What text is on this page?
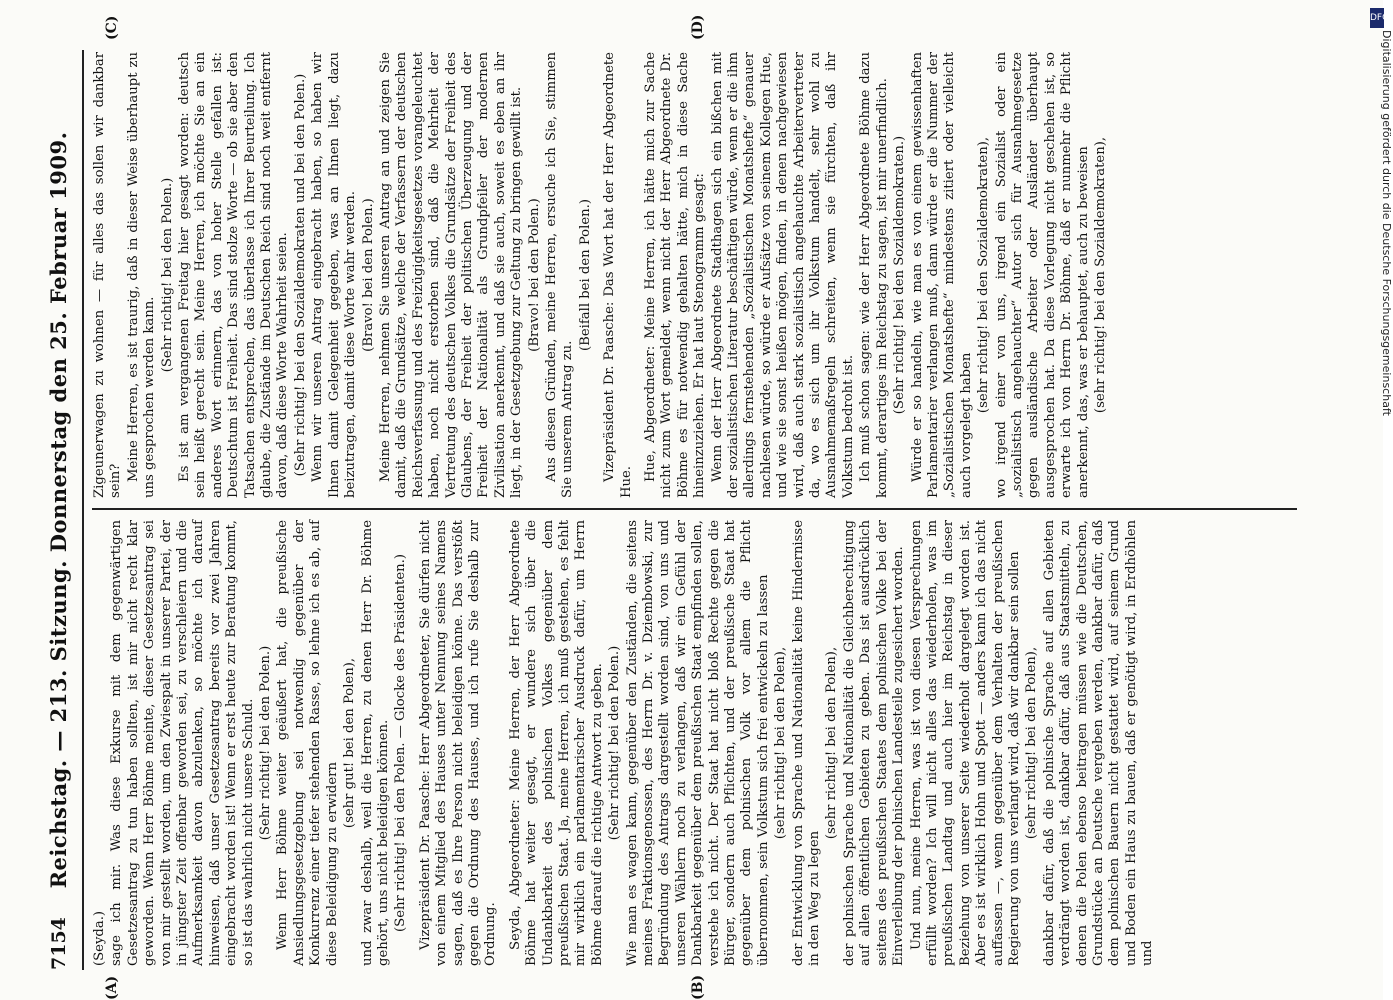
7154
Reichstag. — 213. Sitzung. Donnerstag den 25. Februar 1909.
(A)	(B)
(C)	(D)

(Seyda.) sage ich mir. Was diese Exkurse mit dem gegenwärtigen Gesetzesantrag zu tun haben sollten, ist mir nicht recht klar geworden. Wenn Herr Böhme meinte, dieser Gesetzesantrag sei von mir gestellt worden, um den Zwiespalt in unserer Partei, der in jüngster Zeit offenbar geworden sei, zu verschleiern und die Aufmerksamkeit davon abzulenken, so möchte ich darauf hinweisen, daß unser Gesetzesantrag bereits vor zwei Jahren eingebracht worden ist! Wenn er erst heute zur Beratung kommt, so ist das wahrlich nicht unsere Schuld. (Sehr richtig! bei den Polen.) Wenn Herr Böhme weiter geäußert hat, die preußische Ansiedlungsgesetzgebung sei notwendig gegenüber der Konkurrenz einer tiefer stehenden Rasse, so lehne ich es ab, auf diese Beleidigung zu erwidern

(sehr gut! bei den Polen), und zwar deshalb, weil die Herren, zu denen Herr Dr. Böhme gehört, uns nicht beleidigen können. (Sehr richtig! bei den Polen. — Glocke des Präsidenten.) Vizepräsident Dr. Paasche: Herr Abgeordneter, Sie dürfen nicht von einem Mitglied des Hauses unter Nennung seines Namens sagen, daß es Ihre Person nicht beleidigen könne. Das verstößt gegen die Ordnung des Hauses, und ich rufe Sie deshalb zur Ordnung. Seyda, Abgeordneter: Meine Herren, der Herr Abgeordnete Böhme hat weiter gesagt, er wundere sich über die Undankbarkeit des polnischen Volkes gegenüber dem preußischen Staat. Ja, meine Herren, ich muß gestehen, es fehlt mir wirklich ein parlamentarischer Ausdruck dafür, um Herrn Böhme darauf die richtige Antwort zu geben. (Sehr richtig! bei den Polen.) Wie man es wagen kann, gegenüber den Zuständen, die seitens meines Fraktionsgenossen, des Herrn Dr. v. Dziembowski, zur Begründung des Antrags dargestellt worden sind, von uns und unseren Wählern noch zu verlangen, daß wir ein Gefühl der Dankbarkeit gegenüber dem preußischen Staat empfinden sollen, verstehe ich nicht. Der Staat hat nicht bloß Rechte gegen die Bürger, sondern auch Pflichten, und der preußische Staat hat gegenüber dem polnischen Volk vor allem die Pflicht übernommen, sein Volkstum sich frei entwickeln zu lassen (sehr richtig! bei den Polen), der Entwicklung von Sprache und Nationalität keine Hindernisse in den Weg zu legen

(sehr richtig! bei den Polen), der polnischen Sprache und Nationalität die Gleichberechtigung auf allen öffentlichen Gebieten zu geben. Das ist ausdrücklich seitens des preußischen Staates dem polnischen Volke bei der Einverleibung der polnischen Landesteile zugesichert worden. Und nun, meine Herren, was ist von diesen Versprechungen erfüllt worden? Ich will nicht alles das wiederholen, was im preußischen Landtag und auch hier im Reichstag in dieser Beziehung von unserer Seite wiederholt dargelegt worden ist. Aber es ist wirklich Hohn und Spott — anders kann ich das nicht auffassen —, wenn gegenüber dem Verhalten der preußischen Regierung von uns verlangt wird, daß wir dankbar sein sollen (sehr richtig! bei den Polen), dankbar dafür, daß die polnische Sprache auf allen Gebieten verdrängt worden ist, dankbar dafür, daß aus Staatsmitteln, zu denen die Polen ebenso beitragen müssen wie die Deutschen, Grundstücke an Deutsche vergeben werden, dankbar dafür, daß dem polnischen Bauern nicht gestattet wird, auf seinem Grund und Boden ein Haus zu bauen, daß er genötigt wird, in Erdhöhlen und

Zigeunerwagen zu wohnen — für alles das sollen wir dankbar sein? Meine Herren, es ist traurig, daß in dieser Weise überhaupt zu uns gesprochen werden kann.

(Sehr richtig! bei den Polen.) Es ist am vergangenen Freitag hier gesagt worden: deutsch sein heißt gerecht sein. Meine Herren, ich möchte Sie an ein anderes Wort erinnern, das von hoher Stelle gefallen ist: Deutschtum ist Freiheit. Das sind stolze Worte — ob sie aber den Tatsachen entsprechen, das überlasse ich Ihrer Beurteilung. Ich glaube, die Zustände im Deutschen Reich sind noch weit entfernt davon, daß diese Worte Wahrheit seien. (Sehr richtig! bei den Sozialdemokraten und bei den Polen.) Wenn wir unseren Antrag eingebracht haben, so haben wir Ihnen damit Gelegenheit gegeben, was an Ihnen liegt, dazu beizutragen, damit diese Worte wahr werden. (Bravo! bei den Polen.) Meine Herren, nehmen Sie unseren Antrag an und zeigen Sie damit, daß die Grundsätze, welche der Verfassern der deutschen Reichsverfassung und des Freizügigkeitsgesetzes vorangeleuchtet haben, noch nicht erstorben sind, daß die Mehrheit der Vertretung des deutschen Volkes die Grundsätze der Freiheit des Glaubens, der Freiheit der politischen Überzeugung und der Freiheit der Nationalität als Grundpfeiler der modernen Zivilisation anerkennt, und daß sie auch, soweit es eben an ihr liegt, in der Gesetzgebung zur Geltung zu bringen gewillt ist. (Bravo! bei den Polen.) Aus diesen Gründen, meine Herren, ersuche ich Sie, stimmen Sie unserem Antrag zu.

(Beifall bei den Polen.) Vizepräsident Dr. Paasche: Das Wort hat der Herr Abgeordnete Hue. Hue, Abgeordneter: Meine Herren, ich hätte mich zur Sache nicht zum Wort gemeldet, wenn nicht der Herr Abgeordnete Dr. Böhme es für notwendig gehalten hätte, mich in diese Sache hineinzuziehen. Er hat laut Stenogramm gesagt: Wenn der Herr Abgeordnete Stadthagen sich ein bißchen mit der sozialistischen Literatur beschäftigen würde, wenn er die ihm allerdings fernstehenden „Sozialistischen Monatshefte“ genauer nachlesen würde, so würde er Aufsätze von seinem Kollegen Hue, und wie sie sonst heißen mögen, finden, in denen nachgewiesen wird, daß auch stark sozialistisch angehauchte Arbeitervertreter da, wo es sich um ihr Volkstum handelt, sehr wohl zu Ausnahmemaßregeln schreiten, wenn sie fürchten, daß ihr Volkstum bedroht ist. Ich muß schon sagen: wie der Herr Abgeordnete Böhme dazu kommt, derartiges im Reichstag zu sagen, ist mir unerfindlich. (Sehr richtig! bei den Sozialdemokraten.) Würde er so handeln, wie man es von einem gewissenhaften Parlamentarier verlangen muß, dann würde er die Nummer der „Sozialistischen Monatshefte“ mindestens zitiert oder vielleicht auch vorgelegt haben

(sehr richtig! bei den Sozialdemokraten), wo irgend einer von uns, irgend ein Sozialist oder ein „sozialistisch angehauchter“ Autor sich für Ausnahmegesetze gegen ausländische Arbeiter oder Ausländer überhaupt ausgesprochen hat. Da diese Vorlegung nicht geschehen ist, so erwarte ich von Herrn Dr. Böhme, daß er nunmehr die Pflicht anerkennt, das, was er behauptet, auch zu beweisen (sehr richtig! bei den Sozialdemokraten),

DFG
Digitalisierung gefördert durch die Deutsche Forschungsgemeinschaft
